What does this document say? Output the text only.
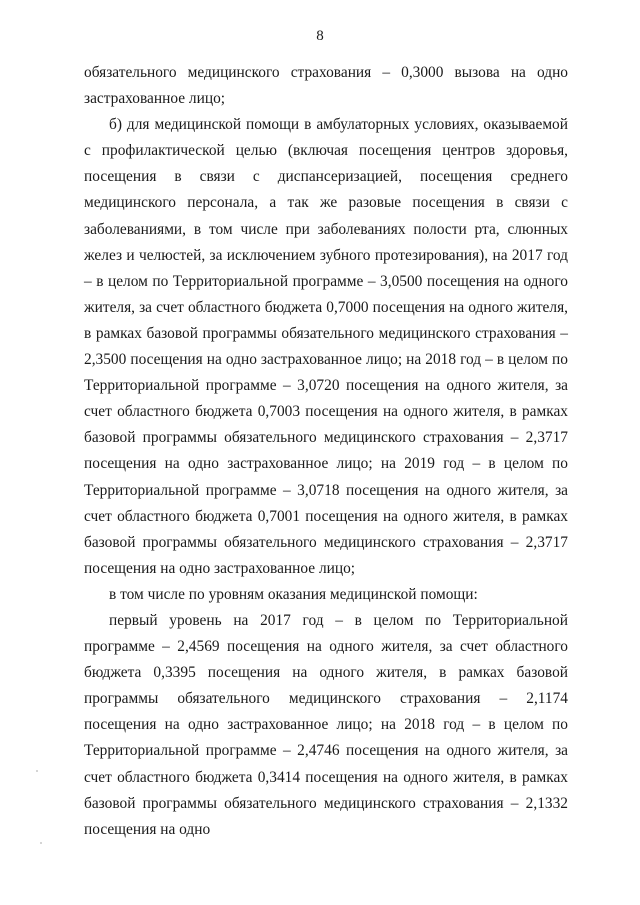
8

обязательного медицинского страхования – 0,3000 вызова на одно застрахованное лицо;

б) для медицинской помощи в амбулаторных условиях, оказываемой с профилактической целью (включая посещения центров здоровья, посещения в связи с диспансеризацией, посещения среднего медицинского персонала, а так же разовые посещения в связи с заболеваниями, в том числе при заболеваниях полости рта, слюнных желез и челюстей, за исключением зубного протезирования), на 2017 год – в целом по Территориальной программе – 3,0500 посещения на одного жителя, за счет областного бюджета 0,7000 посещения на одного жителя, в рамках базовой программы обязательного медицинского страхования – 2,3500 посещения на одно застрахованное лицо; на 2018 год – в целом по Территориальной программе – 3,0720 посещения на одного жителя, за счет областного бюджета 0,7003 посещения на одного жителя, в рамках базовой программы обязательного медицинского страхования – 2,3717 посещения на одно застрахованное лицо; на 2019 год – в целом по Территориальной программе – 3,0718 посещения на одного жителя, за счет областного бюджета 0,7001 посещения на одного жителя, в рамках базовой программы обязательного медицинского страхования – 2,3717 посещения на одно застрахованное лицо;

в том числе по уровням оказания медицинской помощи:

первый уровень на 2017 год – в целом по Территориальной программе – 2,4569 посещения на одного жителя, за счет областного бюджета 0,3395 посещения на одного жителя, в рамках базовой программы обязательного медицинского страхования – 2,1174 посещения на одно застрахованное лицо; на 2018 год – в целом по Территориальной программе – 2,4746 посещения на одного жителя, за счет областного бюджета 0,3414 посещения на одного жителя, в рамках базовой программы обязательного медицинского страхования – 2,1332 посещения на одно
